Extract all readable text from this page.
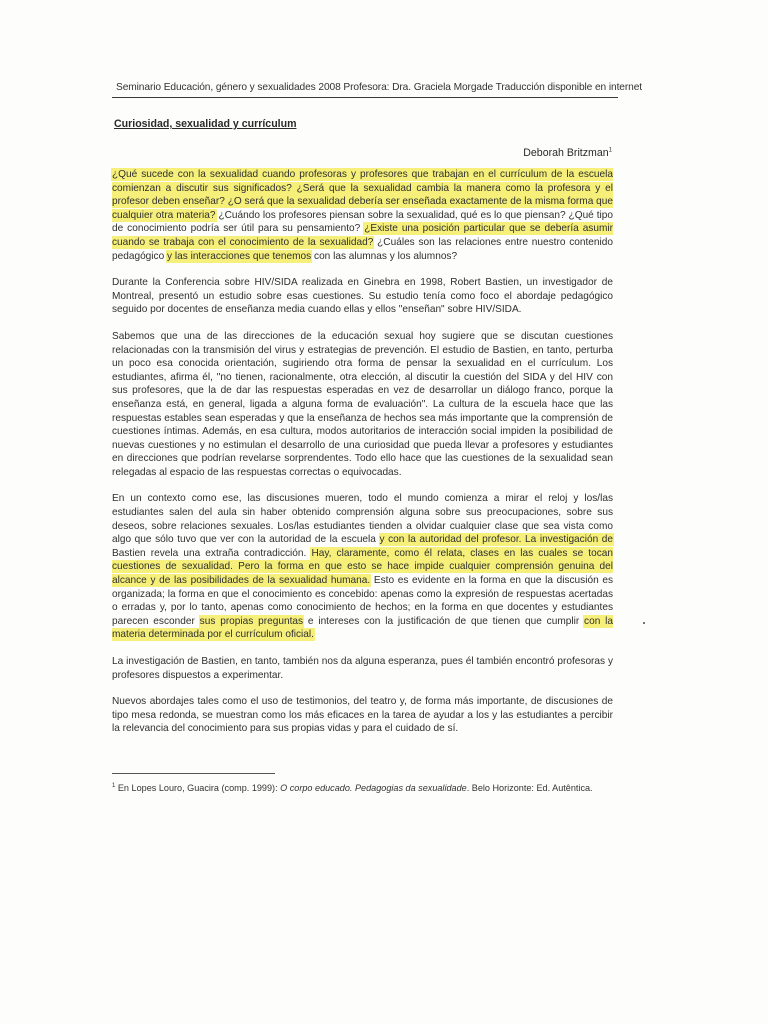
Seminario Educación, género y sexualidades 2008 Profesora: Dra. Graciela Morgade Traducción disponible en internet
Curiosidad, sexualidad y currículum
Deborah Britzman$^1$

¿Qué sucede con la sexualidad cuando profesoras y profesores que trabajan en el currículum de la escuela comienzan a discutir sus significados? ¿Será que la sexualidad cambia la manera como la profesora y el profesor deben enseñar? ¿O será que la sexualidad debería ser enseñada exactamente de la misma forma que cualquier otra materia? ¿Cuándo los profesores piensan sobre la sexualidad, qué es lo que piensan? ¿Qué tipo de conocimiento podría ser útil para su pensamiento? ¿Existe una posición particular que se debería asumir cuando se trabaja con el conocimiento de la sexualidad? ¿Cuáles son las relaciones entre nuestro contenido pedagógico y las interacciones que tenemos con las alumnas y los alumnos?

Durante la Conferencia sobre HIV/SIDA realizada en Ginebra en 1998, Robert Bastien, un investigador de Montreal, presentó un estudio sobre esas cuestiones. Su estudio tenía como foco el abordaje pedagógico seguido por docentes de enseñanza media cuando ellas y ellos "enseñan" sobre HIV/SIDA.

Sabemos que una de las direcciones de la educación sexual hoy sugiere que se discutan cuestiones relacionadas con la transmisión del virus y estrategias de prevención. El estudio de Bastien, en tanto, perturba un poco esa conocida orientación, sugiriendo otra forma de pensar la sexualidad en el currículum. Los estudiantes, afirma él, "no tienen, racionalmente, otra elección, al discutir la cuestión del SIDA y del HIV con sus profesores, que la de dar las respuestas esperadas en vez de desarrollar un diálogo franco, porque la enseñanza está, en general, ligada a alguna forma de evaluación". La cultura de la escuela hace que las respuestas estables sean esperadas y que la enseñanza de hechos sea más importante que la comprensión de cuestiones íntimas. Además, en esa cultura, modos autoritarios de interacción social impiden la posibilidad de nuevas cuestiones y no estimulan el desarrollo de una curiosidad que pueda llevar a profesores y estudiantes en direcciones que podrían revelarse sorprendentes. Todo ello hace que las cuestiones de la sexualidad sean relegadas al espacio de las respuestas correctas o equivocadas.

En un contexto como ese, las discusiones mueren, todo el mundo comienza a mirar el reloj y los/las estudiantes salen del aula sin haber obtenido comprensión alguna sobre sus preocupaciones, sobre sus deseos, sobre relaciones sexuales. Los/las estudiantes tienden a olvidar cualquier clase que sea vista como algo que sólo tuvo que ver con la autoridad de la escuela y con la autoridad del profesor. La investigación de Bastien revela una extraña contradicción. Hay, claramente, como él relata, clases en las cuales se tocan cuestiones de sexualidad. Pero la forma en que esto se hace impide cualquier comprensión genuina del alcance y de las posibilidades de la sexualidad humana. Esto es evidente en la forma en que la discusión es organizada; la forma en que el conocimiento es concebido: apenas como la expresión de respuestas acertadas o erradas y, por lo tanto, apenas como conocimiento de hechos; en la forma en que docentes y estudiantes parecen esconder sus propias preguntas e intereses con la justificación de que tienen que cumplir con la materia determinada por el currículum oficial.

La investigación de Bastien, en tanto, también nos da alguna esperanza, pues él también encontró profesoras y profesores dispuestos a experimentar.

Nuevos abordajes tales como el uso de testimonios, del teatro y, de forma más importante, de discusiones de tipo mesa redonda, se muestran como los más eficaces en la tarea de ayudar a los y las estudiantes a percibir la relevancia del conocimiento para sus propias vidas y para el cuidado de sí.

$^1$ En Lopes Louro, Guacira (comp. 1999): O corpo educado. Pedagogias da sexualidade. Belo Horizonte: Ed. Autêntica.
